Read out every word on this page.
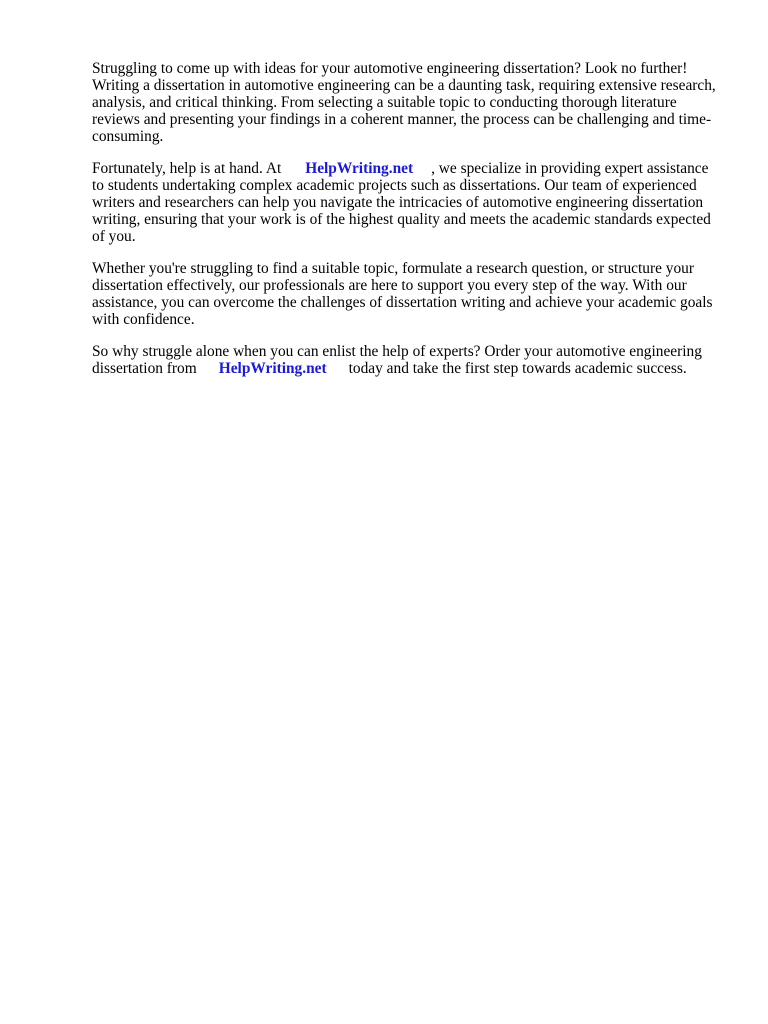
Struggling to come up with ideas for your automotive engineering dissertation? Look no further! Writing a dissertation in automotive engineering can be a daunting task, requiring extensive research, analysis, and critical thinking. From selecting a suitable topic to conducting thorough literature reviews and presenting your findings in a coherent manner, the process can be challenging and time-consuming.

Fortunately, help is at hand. At HelpWriting.net , we specialize in providing expert assistance to students undertaking complex academic projects such as dissertations. Our team of experienced writers and researchers can help you navigate the intricacies of automotive engineering dissertation writing, ensuring that your work is of the highest quality and meets the academic standards expected of you.

Whether you're struggling to find a suitable topic, formulate a research question, or structure your dissertation effectively, our professionals are here to support you every step of the way. With our assistance, you can overcome the challenges of dissertation writing and achieve your academic goals with confidence.

So why struggle alone when you can enlist the help of experts? Order your automotive engineering dissertation from HelpWriting.net today and take the first step towards academic success.
